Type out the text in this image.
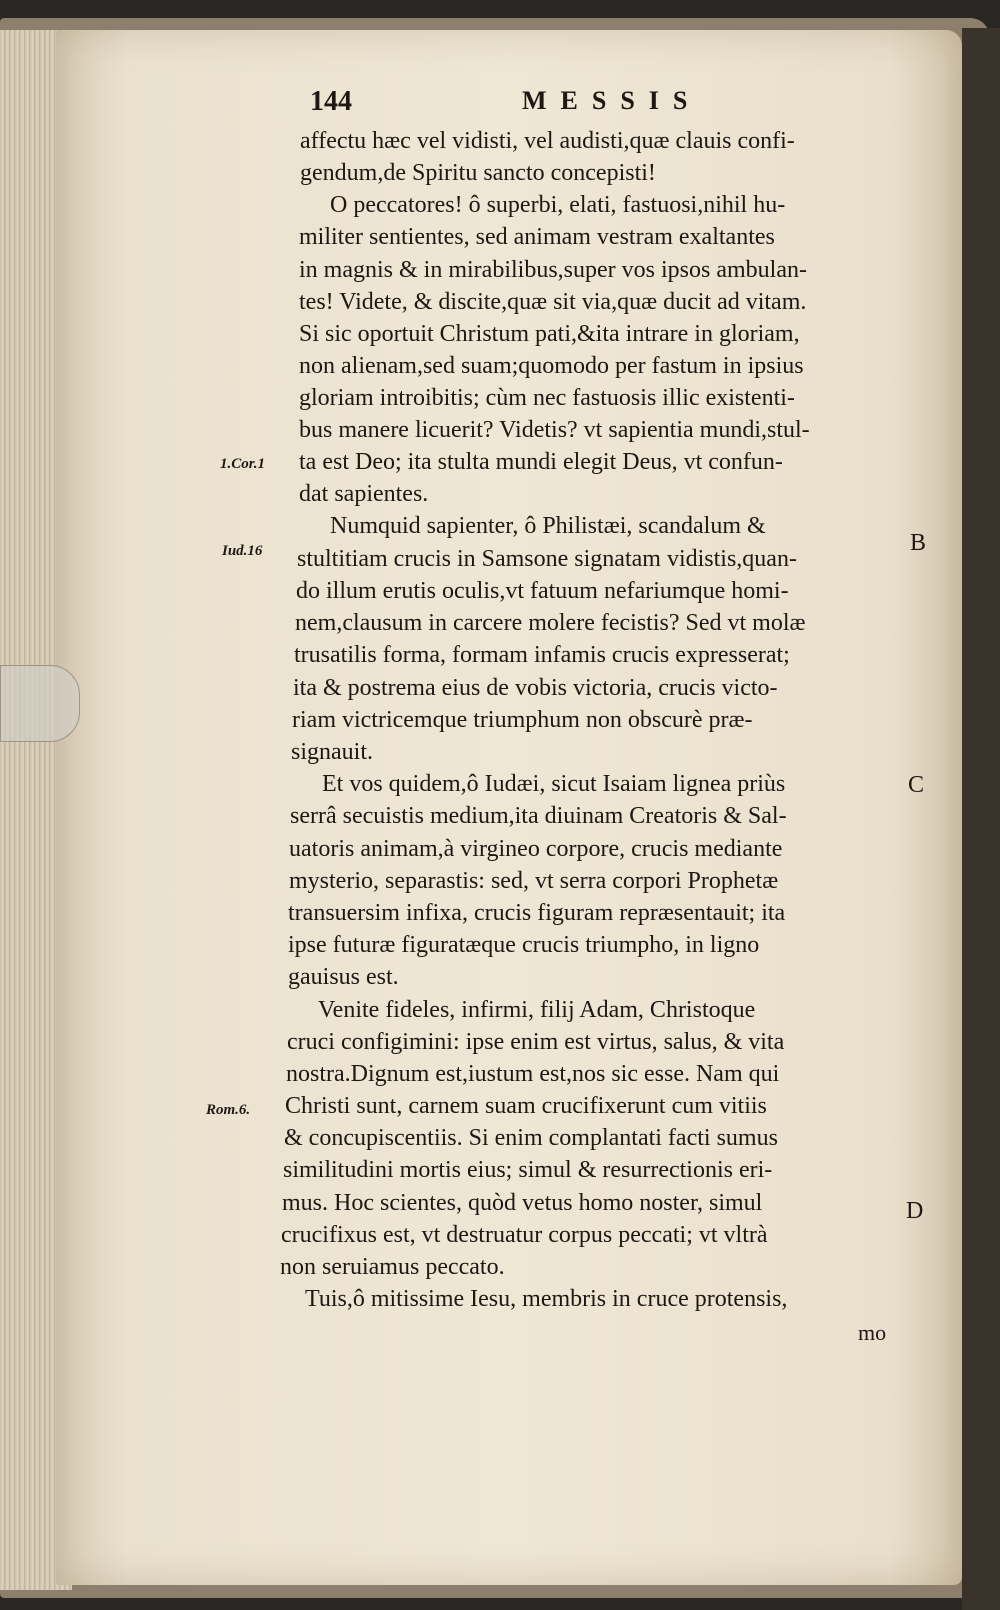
144	MESSIS
affectu hæc vel vidisti, vel audisti,quæ clauis confi-
gendum,de Spiritu sancto concepisti!
O peccatores! ô superbi, elati, fastuosi,nihil hu-
militer sentientes, sed animam vestram exaltantes
in magnis & in mirabilibus,super vos ipsos ambulan-
tes! Videte, & discite,quæ sit via,quæ ducit ad vitam.
Si sic oportuit Christum pati,&ita intrare in gloriam,
non alienam,sed suam;quomodo per fastum in ipsius
gloriam introibitis; cùm nec fastuosis illic existenti-
bus manere licuerit? Videtis? vt sapientia mundi,stul-
ta est Deo; ita stulta mundi elegit Deus, vt confun-
dat sapientes.
Numquid sapienter, ô Philistæi, scandalum &
stultitiam crucis in Samsone signatam vidistis,quan-
do illum erutis oculis,vt fatuum nefariumque homi-
nem,clausum in carcere molere fecistis? Sed vt molæ
trusatilis forma, formam infamis crucis expresserat;
ita & postrema eius de vobis victoria, crucis victo-
riam victricemque triumphum non obscurè præ-
signauit.
Et vos quidem,ô Iudæi, sicut Isaiam lignea priùs
serrâ secuistis medium,ita diuinam Creatoris & Sal-
uatoris animam,à virgineo corpore, crucis mediante
mysterio, separastis: sed, vt serra corpori Prophetæ
transuersim infixa, crucis figuram repræsentauit; ita
ipse futuræ figuratæque crucis triumpho, in ligno
gauisus est.
Venite fideles, infirmi, filij Adam, Christoque
cruci configimini: ipse enim est virtus, salus, & vita
nostra.Dignum est,iustum est,nos sic esse. Nam qui
Christi sunt, carnem suam crucifixerunt cum vitiis
& concupiscentiis. Si enim complantati facti sumus
similitudini mortis eius; simul & resurrectionis eri-
mus. Hoc scientes, quòd vetus homo noster, simul
crucifixus est, vt destruatur corpus peccati; vt vltrà
non seruiamus peccato.
Tuis,ô mitissime Iesu, membris in cruce protensis,
mo
1.Cor.1
Iud.16
Rom.6.
B
C
D
